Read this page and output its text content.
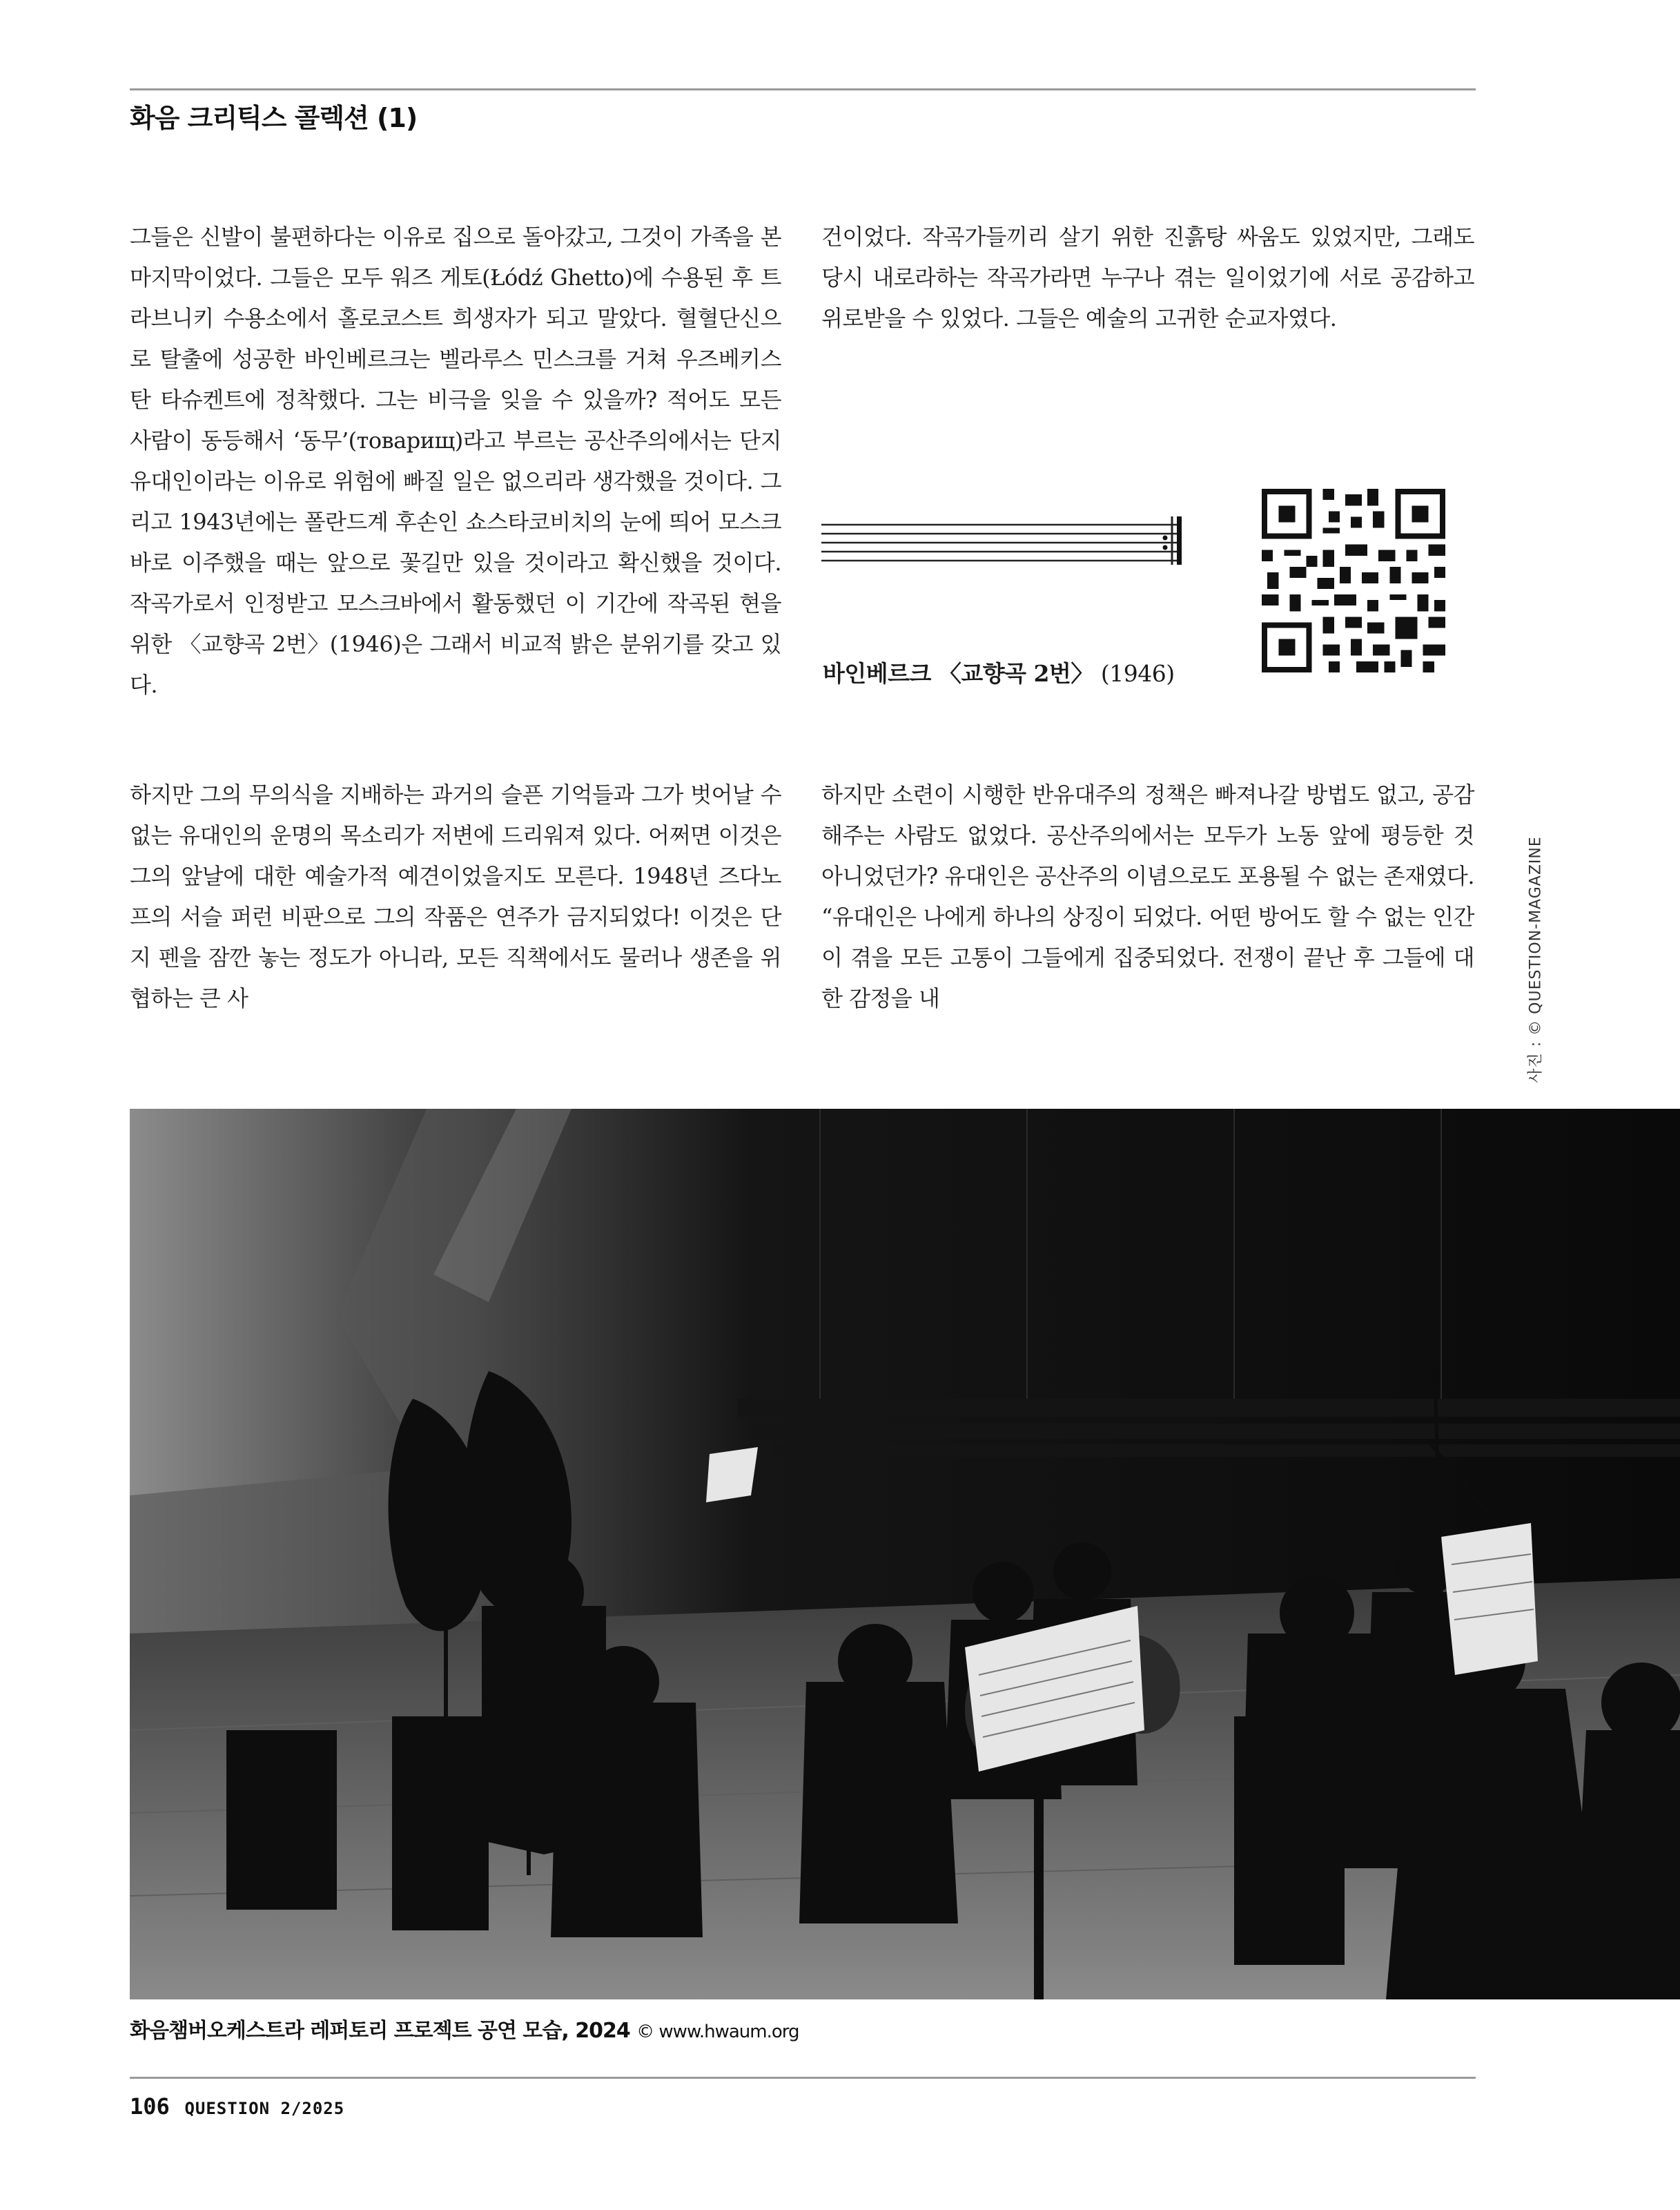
화음 크리틱스 콜렉션 (1)

그들은 신발이 불편하다는 이유로 집으로 돌아갔고, 그것이 가족을 본 마지막이었다. 그들은 모두 워즈 게토(Łódź Ghetto)에 수용된 후 트라브니키 수용소에서 홀로코스트 희생자가 되고 말았다. 혈혈단신으로 탈출에 성공한 바인베르크는 벨라루스 민스크를 거쳐 우즈베키스탄 타슈켄트에 정착했다. 그는 비극을 잊을 수 있을까? 적어도 모든 사람이 동등해서 ‘동무’(товарищ)라고 부르는 공산주의에서는 단지 유대인이라는 이유로 위험에 빠질 일은 없으리라 생각했을 것이다. 그리고 1943년에는 폴란드계 후손인 쇼스타코비치의 눈에 띄어 모스크바로 이주했을 때는 앞으로 꽃길만 있을 것이라고 확신했을 것이다. 작곡가로서 인정받고 모스크바에서 활동했던 이 기간에 작곡된 현을 위한 〈교향곡 2번〉(1946)은 그래서 비교적 밝은 분위기를 갖고 있다.

건이었다. 작곡가들끼리 살기 위한 진흙탕 싸움도 있었지만, 그래도 당시 내로라하는 작곡가라면 누구나 겪는 일이었기에 서로 공감하고 위로받을 수 있었다. 그들은 예술의 고귀한 순교자였다.

바인베르크 〈교향곡 2번〉 (1946)

하지만 그의 무의식을 지배하는 과거의 슬픈 기억들과 그가 벗어날 수 없는 유대인의 운명의 목소리가 저변에 드리워져 있다. 어쩌면 이것은 그의 앞날에 대한 예술가적 예견이었을지도 모른다. 1948년 즈다노프의 서슬 퍼런 비판으로 그의 작품은 연주가 금지되었다! 이것은 단지 펜을 잠깐 놓는 정도가 아니라, 모든 직책에서도 물러나 생존을 위협하는 큰 사

하지만 소련이 시행한 반유대주의 정책은 빠져나갈 방법도 없고, 공감해주는 사람도 없었다. 공산주의에서는 모두가 노동 앞에 평등한 것 아니었던가? 유대인은 공산주의 이념으로도 포용될 수 없는 존재였다. “유대인은 나에게 하나의 상징이 되었다. 어떤 방어도 할 수 없는 인간이 겪을 모든 고통이 그들에게 집중되었다. 전쟁이 끝난 후 그들에 대한 감정을 내	사진 : © QUESTION-MAGAZINE
화음챔버오케스트라 레퍼토리 프로젝트 공연 모습, 2024 © www.hwaum.org
106 QUESTION 2/2025
